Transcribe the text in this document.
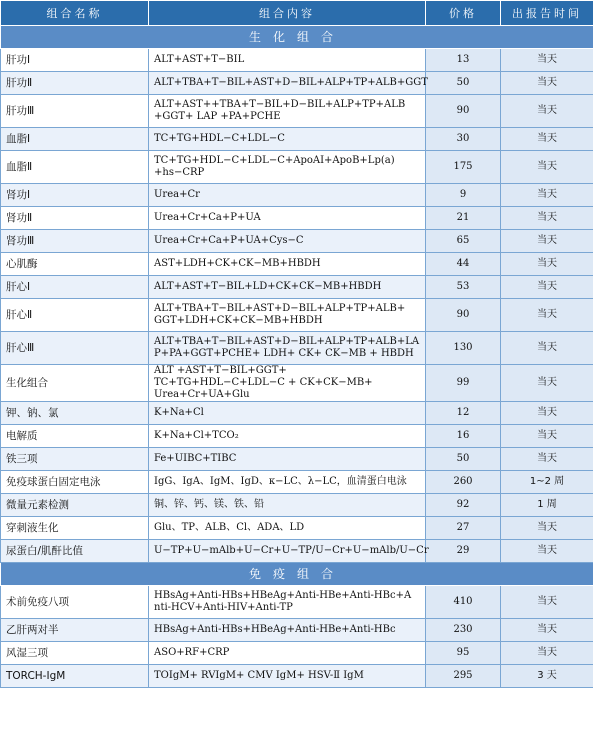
组合名称	组合内容	价格	出报告时间
生化组合			
肝功Ⅰ	ALT+AST+T−BIL	13	当天
肝功Ⅱ	ALT+TBA+T−BIL+AST+D−BIL+ALP+TP+ALB+GGT	50	当天
肝功Ⅲ	ALT+AST++TBA+T−BIL+D−BIL+ALP+TP+ALB +GGT+ LAP +PA+PCHE	90	当天
血脂Ⅰ	TC+TG+HDL−C+LDL−C	30	当天
血脂Ⅱ	TC+TG+HDL−C+LDL−C+ApoAI+ApoB+Lp(a) +hs−CRP	175	当天
肾功Ⅰ	Urea+Cr	9	当天
肾功Ⅱ	Urea+Cr+Ca+P+UA	21	当天
肾功Ⅲ	Urea+Cr+Ca+P+UA+Cys−C	65	当天
心肌酶	AST+LDH+CK+CK−MB+HBDH	44	当天
肝心Ⅰ	ALT+AST+T−BIL+LD+CK+CK−MB+HBDH	53	当天
肝心Ⅱ	ALT+TBA+T−BIL+AST+D−BIL+ALP+TP+ALB+ GGT+LDH+CK+CK−MB+HBDH	90	当天
肝心Ⅲ	ALT+TBA+T−BIL+AST+D−BIL+ALP+TP+ALB+LA P+PA+GGT+PCHE+ LDH+ CK+ CK−MB + HBDH	130	当天
生化组合	ALT +AST+T−BIL+GGT+ TC+TG+HDL−C+LDL−C + CK+CK−MB+ Urea+Cr+UA+Glu	99	当天
钾、钠、氯	K+Na+Cl	12	当天
电解质	K+Na+Cl+TCO₂	16	当天
铁三项	Fe+UIBC+TIBC	50	当天
免疫球蛋白固定电泳	IgG、IgA、IgM、IgD、κ−LC、λ−LC，血清蛋白电泳	260	1~2 周
微量元素检测	铜、锌、钙、镁、铁、铅	92	1 周
穿刺液生化	Glu、TP、ALB、Cl、ADA、LD	27	当天
尿蛋白/肌酐比值	U−TP+U−mAlb+U−Cr+U−TP/U−Cr+U−mAlb/U−Cr	29	当天
免疫组合			
术前免疫八项	HBsAg+Anti-HBs+HBeAg+Anti-HBe+Anti-HBc+A nti-HCV+Anti-HIV+Anti-TP	410	当天
乙肝两对半	HBsAg+Anti-HBs+HBeAg+Anti-HBe+Anti-HBc	230	当天
风湿三项	ASO+RF+CRP	95	当天
TORCH-IgM	TOIgM+ RVIgM+ CMV IgM+ HSV-Ⅱ IgM	295	3 天
